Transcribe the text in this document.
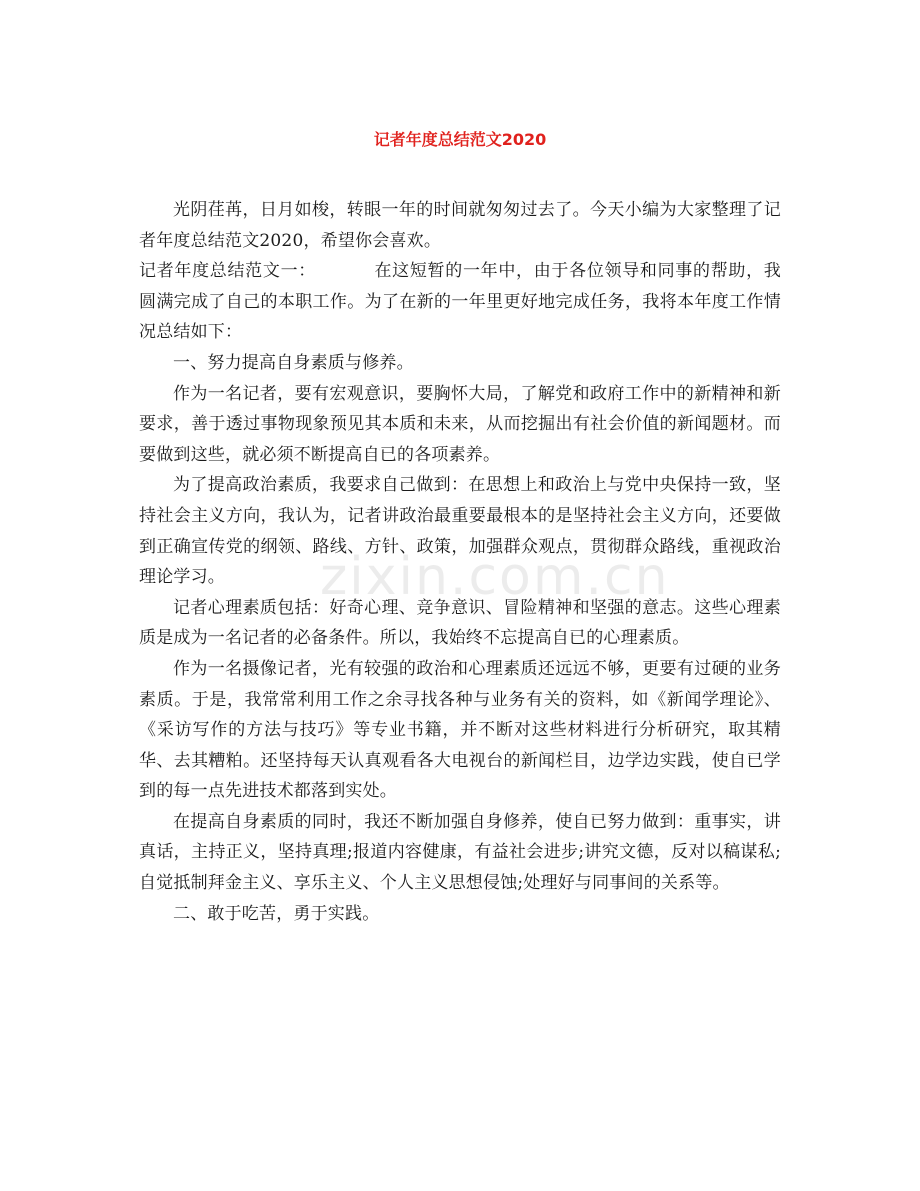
记者年度总结范文2020

光阴荏苒，日月如梭，转眼一年的时间就匆匆过去了。今天小编为大家整理了记者年度总结范文2020，希望你会喜欢。

记者年度总结范文一：	在这短暂的一年中，由于各位领导和同事的帮助，我圆满完成了自己的本职工作。为了在新的一年里更好地完成任务，我将本年度工作情况总结如下：

一、努力提高自身素质与修养。

作为一名记者，要有宏观意识，要胸怀大局，了解党和政府工作中的新精神和新要求，善于透过事物现象预见其本质和未来，从而挖掘出有社会价值的新闻题材。而要做到这些，就必须不断提高自已的各项素养。

为了提高政治素质，我要求自己做到：在思想上和政治上与党中央保持一致，坚持社会主义方向，我认为，记者讲政治最重要最根本的是坚持社会主义方向，还要做到正确宣传党的纲领、路线、方针、政策，加强群众观点，贯彻群众路线，重视政治理论学习。

记者心理素质包括：好奇心理、竞争意识、冒险精神和坚强的意志。这些心理素质是成为一名记者的必备条件。所以，我始终不忘提高自已的心理素质。

作为一名摄像记者，光有较强的政治和心理素质还远远不够，更要有过硬的业务素质。于是，我常常利用工作之余寻找各种与业务有关的资料，如《新闻学理论》、《采访写作的方法与技巧》等专业书籍，并不断对这些材料进行分析研究，取其精华、去其糟粕。还坚持每天认真观看各大电视台的新闻栏目，边学边实践，使自已学到的每一点先进技术都落到实处。

在提高自身素质的同时，我还不断加强自身修养，使自已努力做到：重事实，讲真话，主持正义，坚持真理;报道内容健康，有益社会进步;讲究文德，反对以稿谋私;自觉抵制拜金主义、享乐主义、个人主义思想侵蚀;处理好与同事间的关系等。

二、敢于吃苦，勇于实践。

zixin.com.cn
